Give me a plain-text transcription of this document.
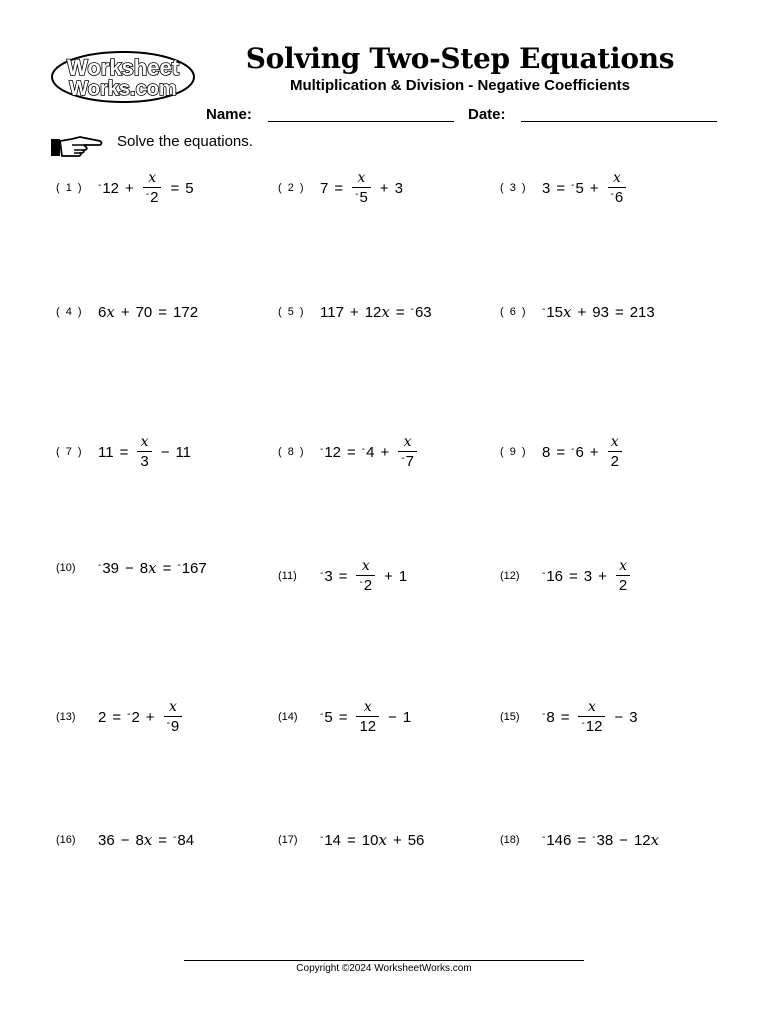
Worksheet
Works.com
Solving Two-Step Equations
Multiplication & Division - Negative Coefficients
Name:	Date:
Solve the equations.
( 1 )	$^-12 + \frac{x}{^-2} = 5$	( 2 ) $7 = \frac{x}{^-5} + 3$	( 3 ) $3 = ^-5 + \frac{x}{^-6}$
( 4 ) 6x + 70 = 172	( 5 ) 117 + 12x = -63	( 6 )	-15x + 93 = 213
( 7 ) $11 = \frac{x}{3} - 11$	( 8 )	$^-12 = ^-4 + \frac{x}{^-7}$	( 9 ) $8 = ^-6 + \frac{x}{2}$
(10)	-39 − 8x = -167	(11)	$^-3 = \frac{x}{^-2} + 1$	(12)	$^-16 = 3 + \frac{x}{2}$
(13)	$2 = ^-2 + \frac{x}{^-9}$	(14)	$^-5 = \frac{x}{12} - 1$	(15)	$^-8 = \frac{x}{^-12} - 3$
(16)	36 − 8x = -84	(17)	-14 = 10x + 56	(18)	-146 = -38 − 12x
Copyright ©2024 WorksheetWorks.com
